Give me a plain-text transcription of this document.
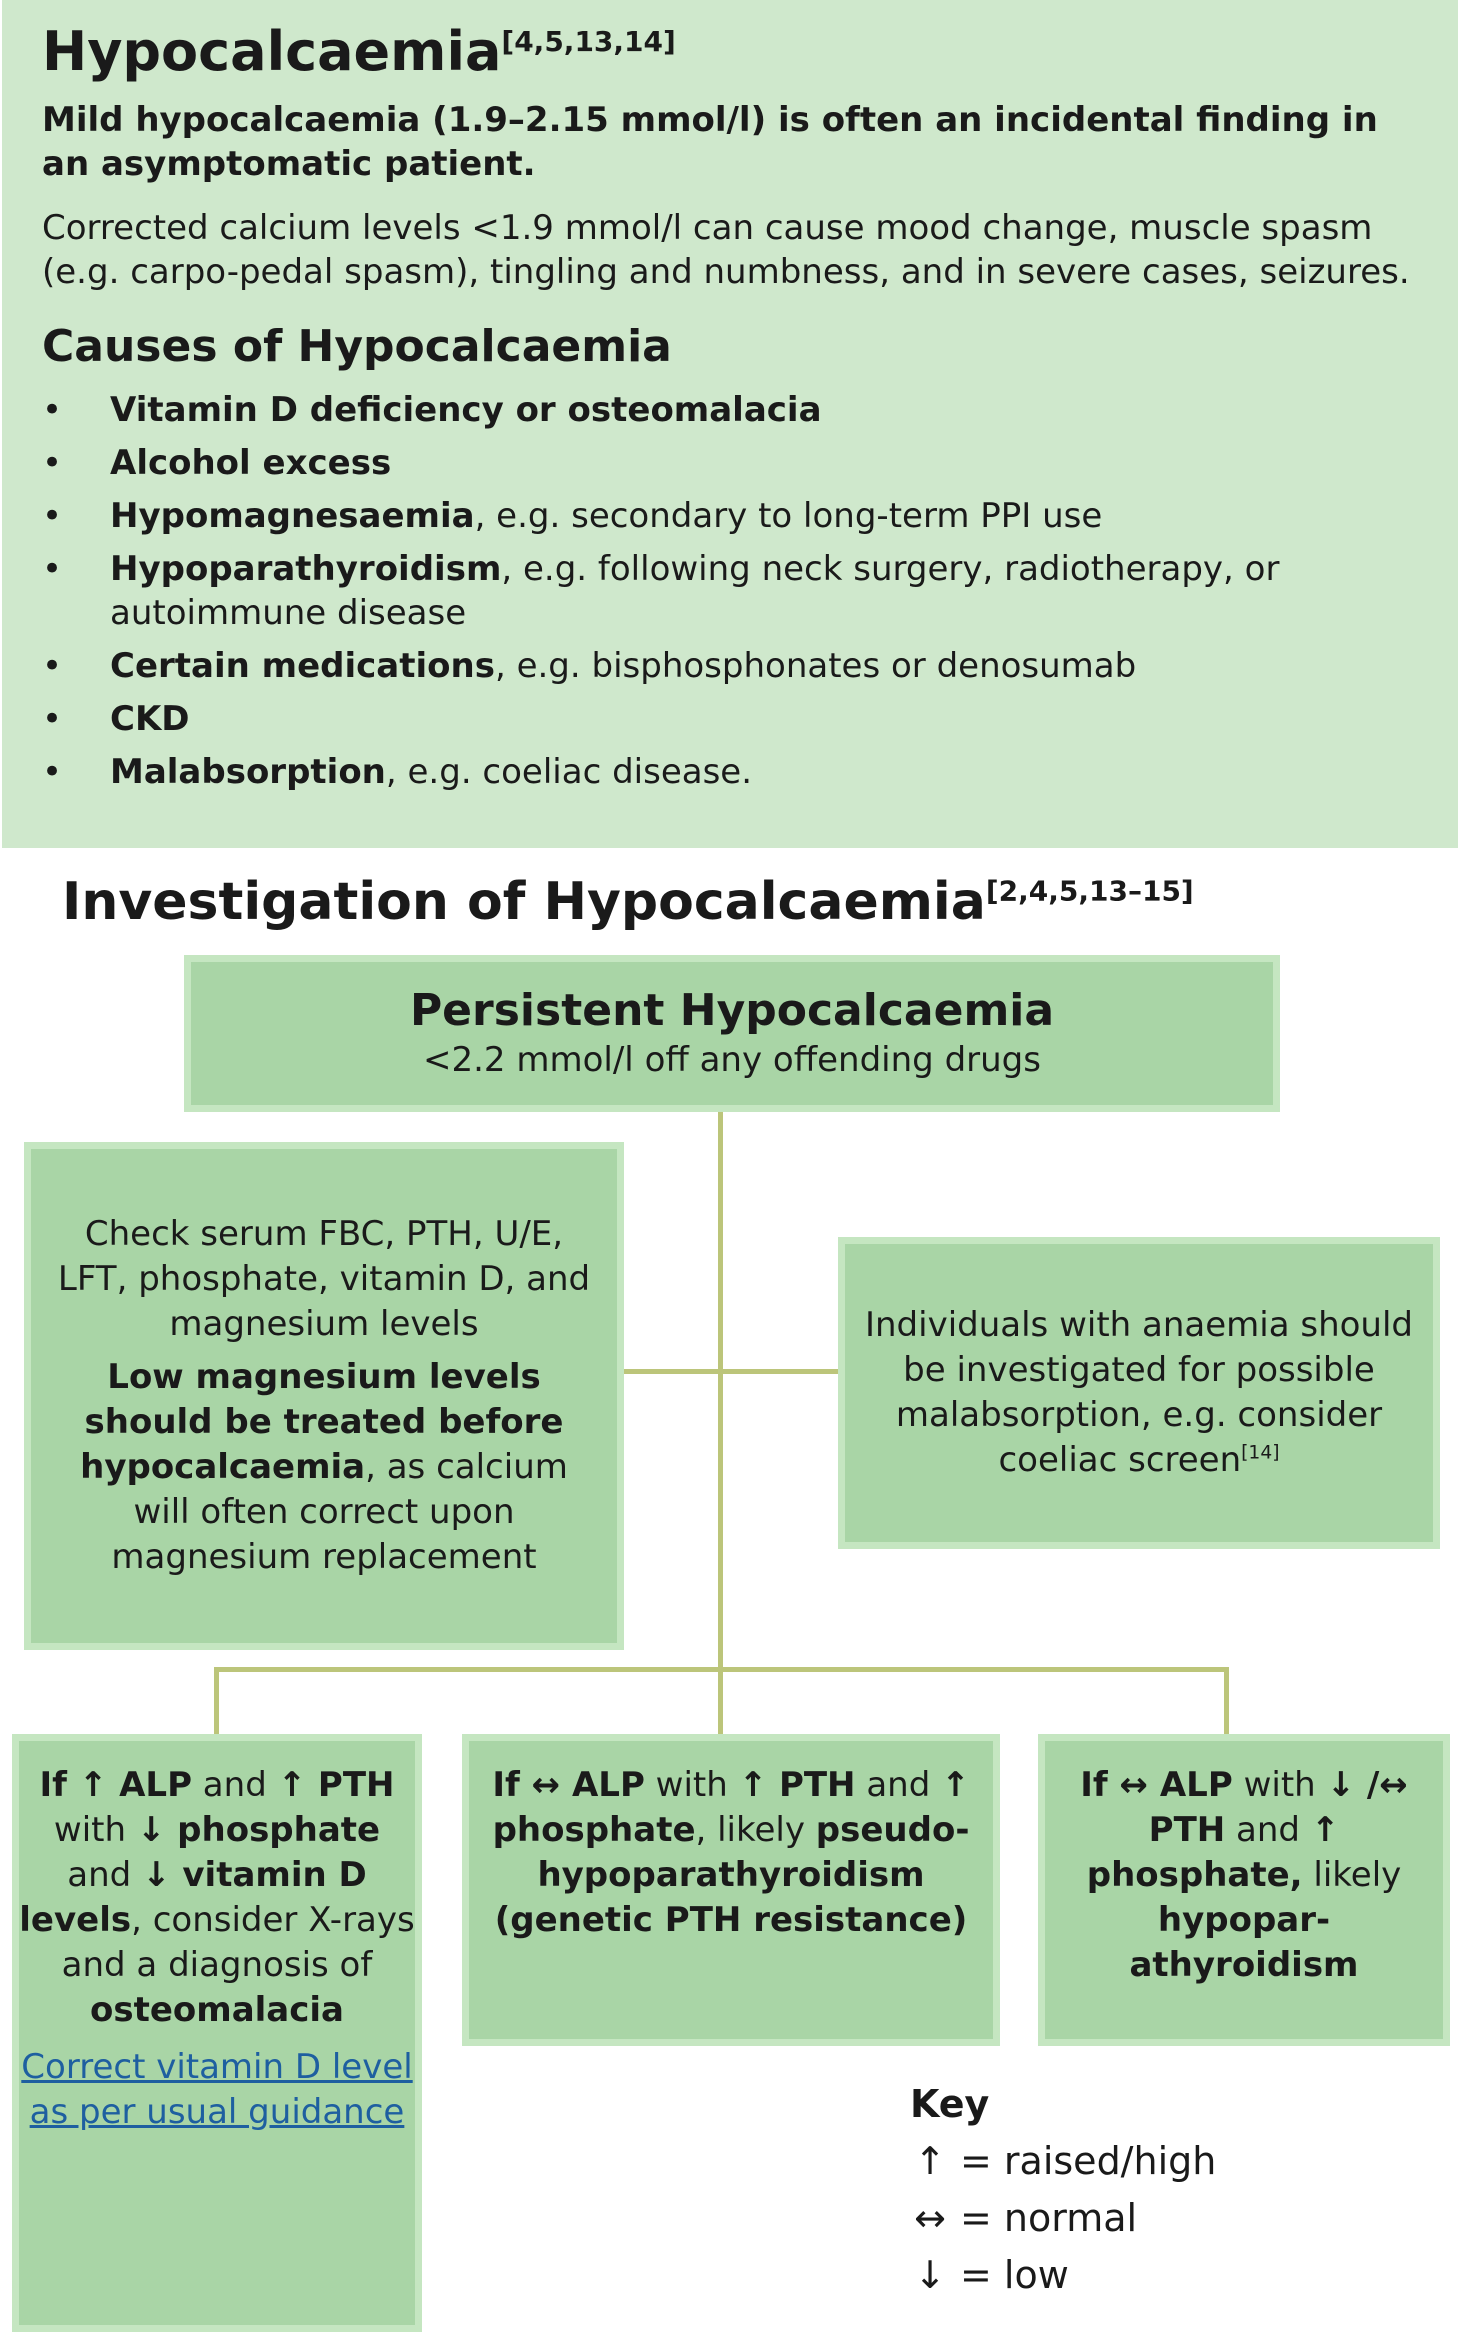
Hypocalcaemia[4,5,13,14]

Mild hypocalcaemia (1.9–2.15 mmol/l) is often an incidental finding in an asymptomatic patient.

Corrected calcium levels <1.9 mmol/l can cause mood change, muscle spasm (e.g. carpo-pedal spasm), tingling and numbness, and in severe cases, seizures.

Causes of Hypocalcaemia
• Vitamin D deficiency or osteomalacia
• Alcohol excess
• Hypomagnesaemia, e.g. secondary to long-term PPI use
• Hypoparathyroidism, e.g. following neck surgery, radiotherapy, or autoimmune disease
• Certain medications, e.g. bisphosphonates or denosumab
• CKD
• Malabsorption, e.g. coeliac disease.
Investigation of Hypocalcaemia[2,4,5,13–15]
Persistent Hypocalcaemia
<2.2 mmol/l off any offending drugs

Check serum FBC, PTH, U/E, LFT, phosphate, vitamin D, and magnesium levels

Low magnesium levels should be treated before hypocalcaemia, as calcium will often correct upon magnesium replacement

Individuals with anaemia should be investigated for possible malabsorption, e.g. consider coeliac screen[14]
If ↑ ALP and ↑ PTH with ↓ phosphate and ↓ vitamin D levels, consider X-rays and a diagnosis of osteomalacia
Correct vitamin D level as per usual guidance
If ↔ ALP with ↑ PTH and ↑ phosphate, likely pseudo-hypoparathyroidism (genetic PTH resistance)
If ↔ ALP with ↓ /↔ PTH and ↑ phosphate, likely hypopar-athyroidism
Key
↑ = raised/high
↔ = normal
↓ = low
